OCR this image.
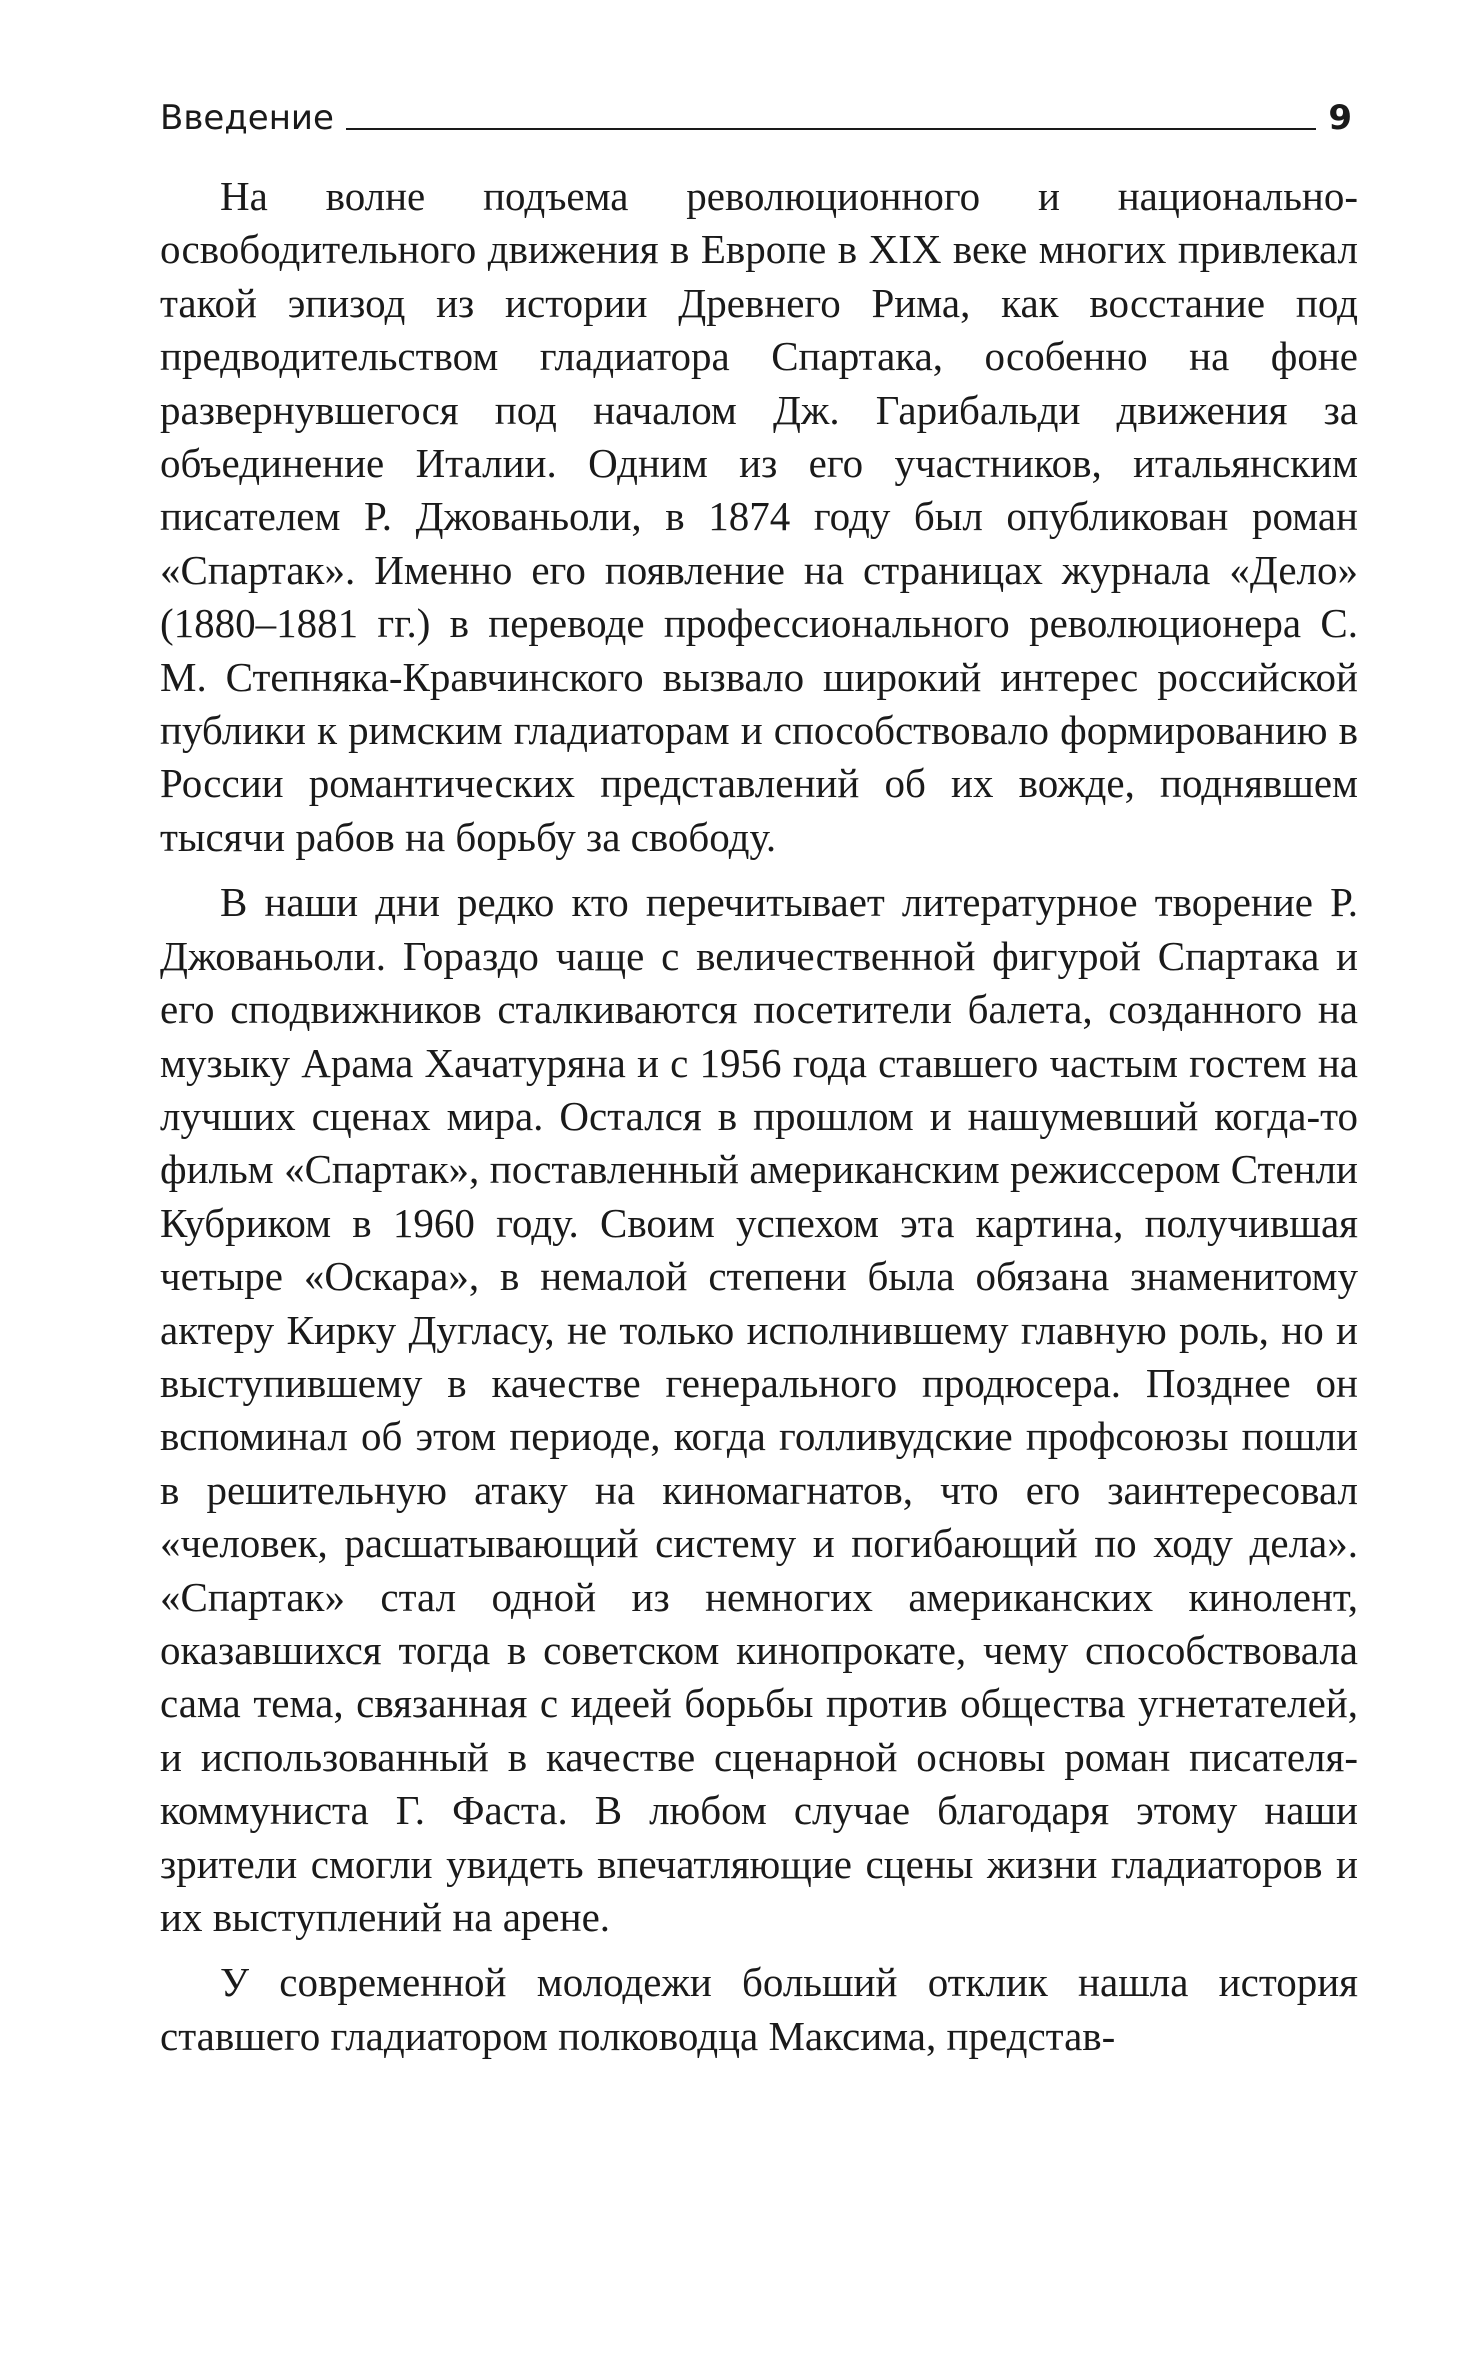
Введение	9

На волне подъема революционного и национально-освободительного движения в Европе в XIX веке многих привлекал такой эпизод из истории Древнего Рима, как восстание под предводительством гладиатора Спартака, особенно на фоне развернувшегося под началом Дж. Гарибальди движения за объединение Италии. Одним из его участников, итальянским писателем Р. Джованьоли, в 1874 году был опубликован роман «Спартак». Именно его появление на страницах журнала «Дело» (1880–1881 гг.) в переводе профессионального революционера С. М. Степняка-Кравчинского вызвало широкий интерес российской публики к римским гладиаторам и способствовало формированию в России романтических представлений об их вожде, поднявшем тысячи рабов на борьбу за свободу.

В наши дни редко кто перечитывает литературное творение Р. Джованьоли. Гораздо чаще с величественной фигурой Спартака и его сподвижников сталкиваются посетители балета, созданного на музыку Арама Хачатуряна и с 1956 года ставшего частым гостем на лучших сценах мира. Остался в прошлом и нашумевший когда-то фильм «Спартак», поставленный американским режиссером Стенли Кубриком в 1960 году. Своим успехом эта картина, получившая четыре «Оскара», в немалой степени была обязана знаменитому актеру Кирку Дугласу, не только исполнившему главную роль, но и выступившему в качестве генерального продюсера. Позднее он вспоминал об этом периоде, когда голливудские профсоюзы пошли в решительную атаку на киномагнатов, что его заинтересовал «человек, расшатывающий систему и погибающий по ходу дела». «Спартак» стал одной из немногих американских кинолент, оказавшихся тогда в советском кинопрокате, чему способствовала сама тема, связанная с идеей борьбы против общества угнетателей, и использованный в качестве сценарной основы роман писателя-коммуниста Г. Фаста. В любом случае благодаря этому наши зрители смогли увидеть впечатляющие сцены жизни гладиаторов и их выступлений на арене.

У современной молодежи больший отклик нашла история ставшего гладиатором полководца Максима, представ-
